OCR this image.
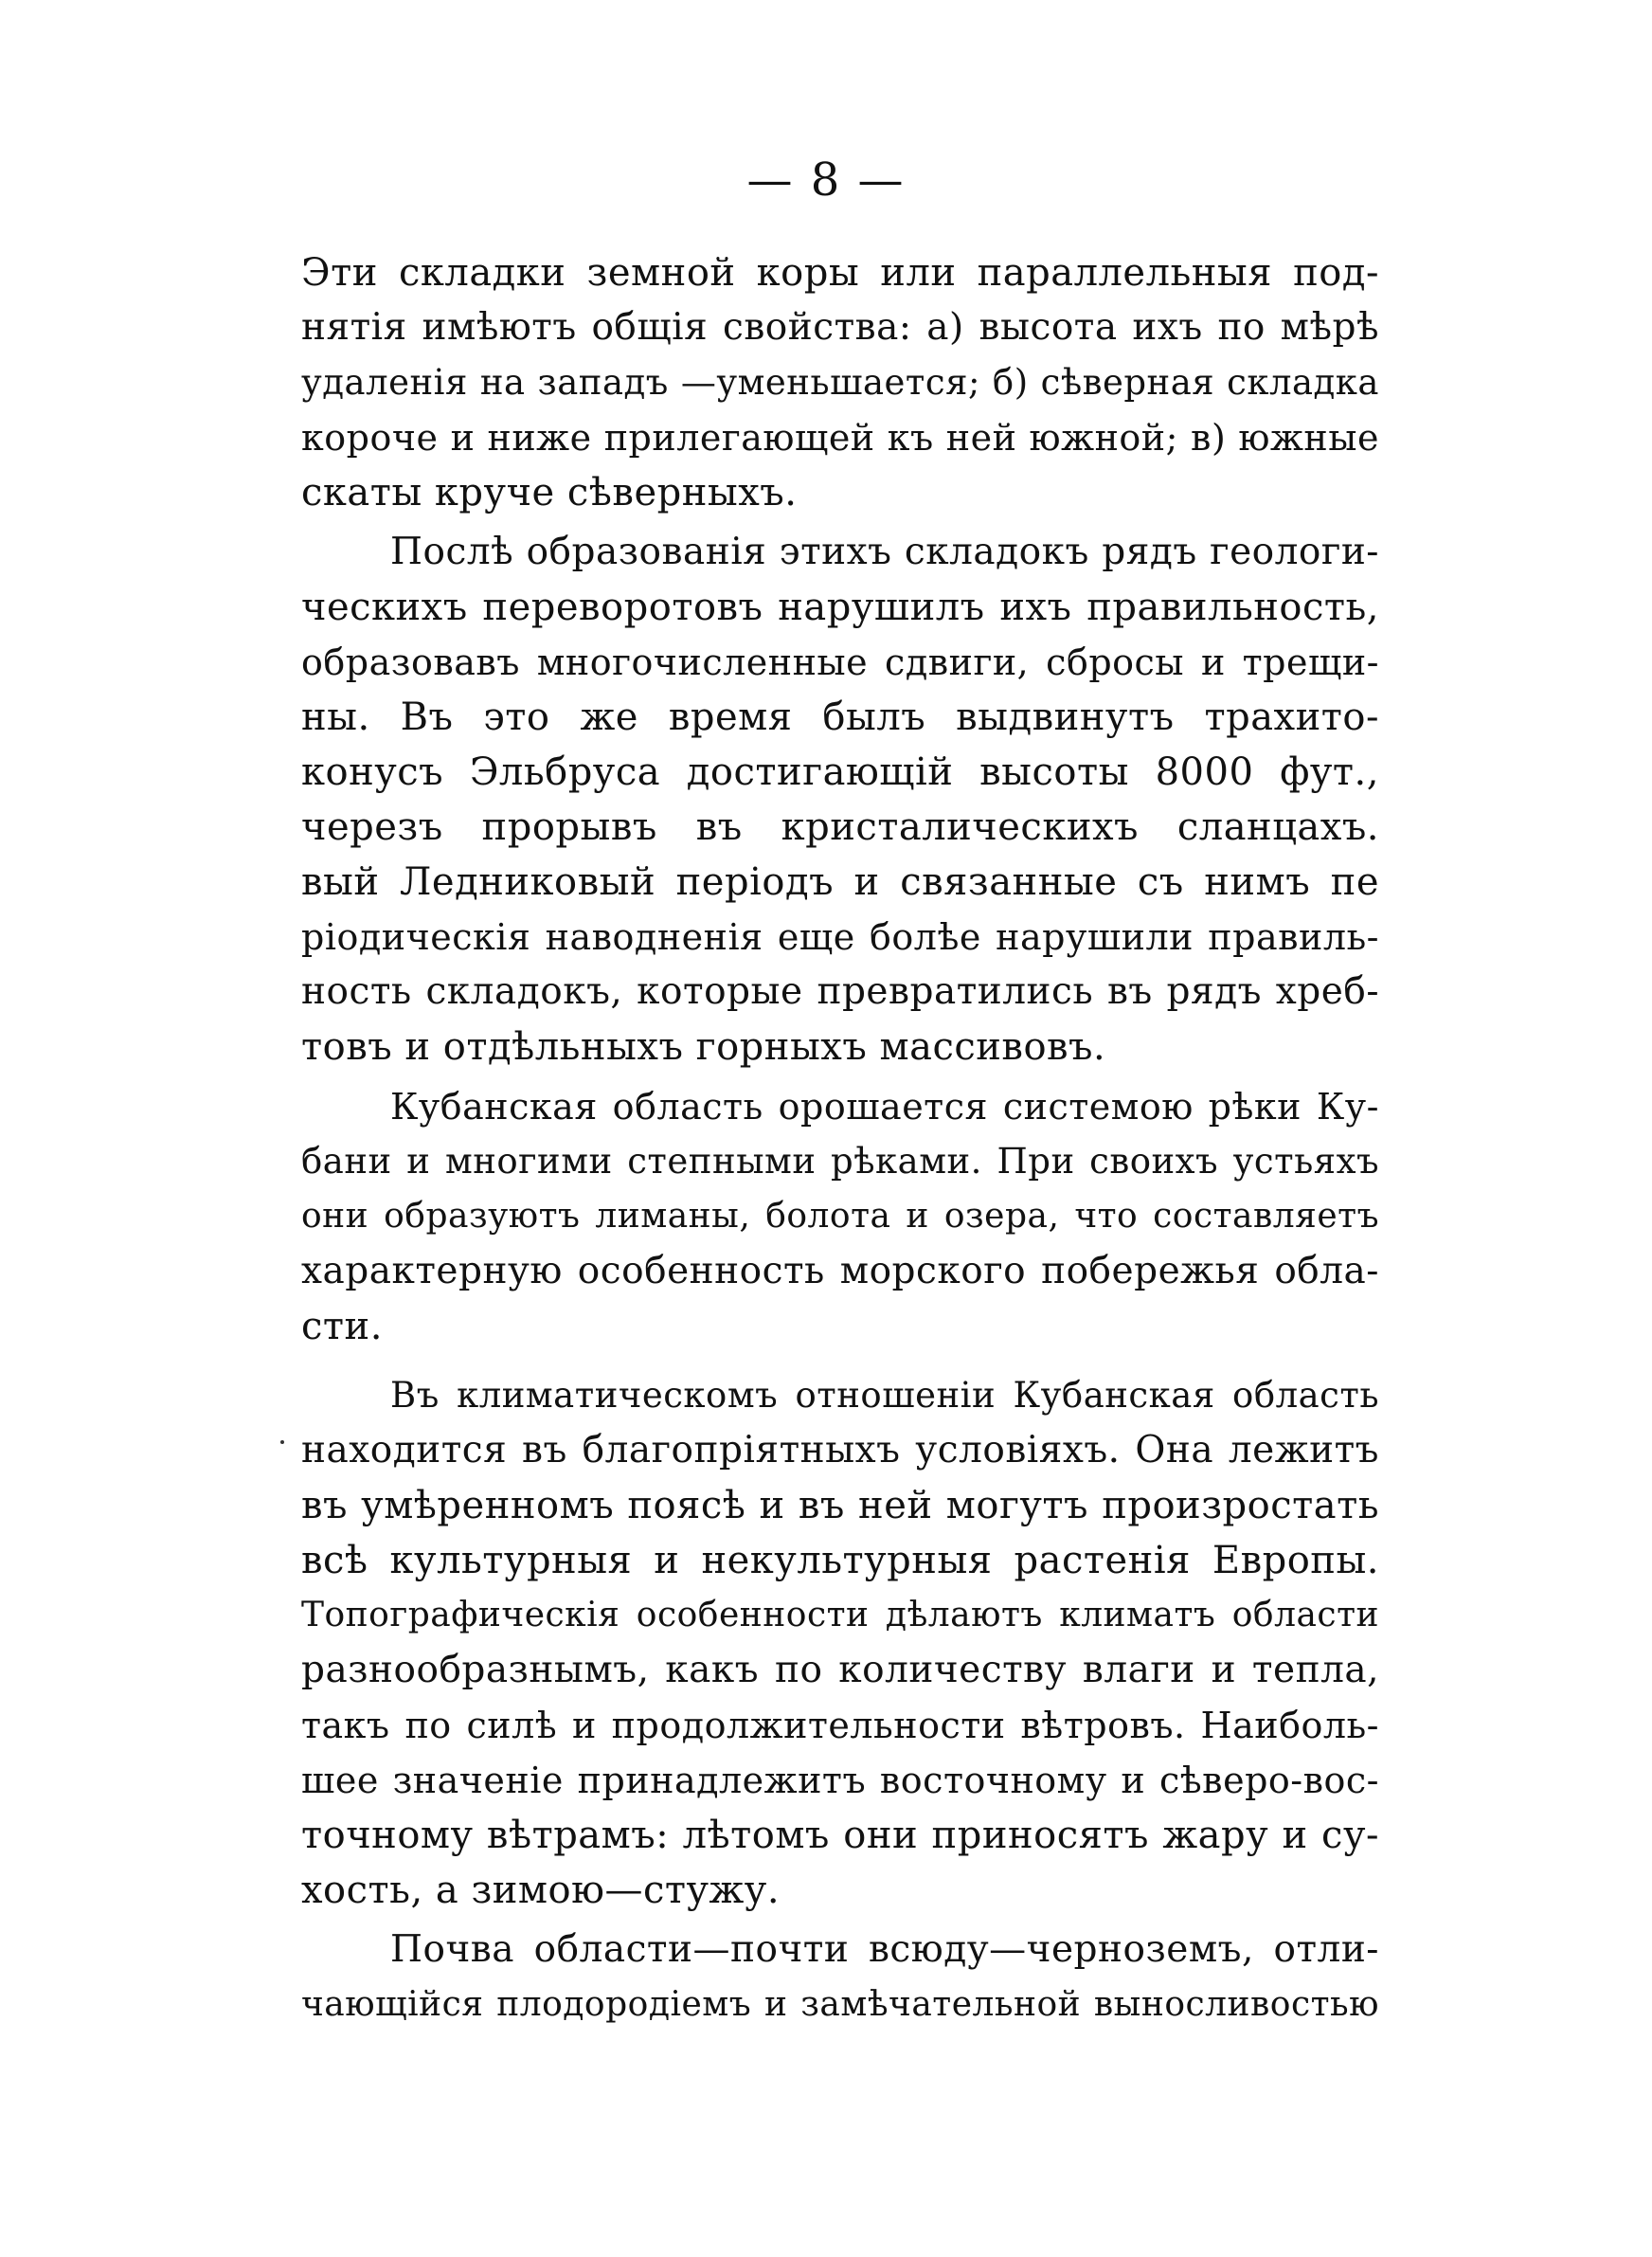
— 8 —
Эти складки земной коры или параллельныя под-
нятія имѣютъ общія свойства: а) высота ихъ по мѣрѣ
удаленія на западъ —уменьшается; б) сѣверная складка
короче и ниже прилегающей къ ней южной; в) южные
скаты круче сѣверныхъ.
Послѣ образованія этихъ складокъ рядъ геологи-
ческихъ переворотовъ нарушилъ ихъ правильность,
образовавъ многочисленные сдвиги, сбросы и трещи-
ны. Въ это же время былъ выдвинутъ трахито-
конусъ Эльбруса достигающій высоты 8000 фут.,
черезъ прорывъ въ кристалическихъ сланцахъ.
вый Ледниковый періодъ и связанные съ нимъ пе
ріодическія наводненія еще болѣе нарушили правиль-
ность складокъ, которые превратились въ рядъ хреб-
товъ и отдѣльныхъ горныхъ массивовъ.
Кубанская область орошается системою рѣки Ку-
бани и многими степными рѣками. При своихъ устьяхъ
они образуютъ лиманы, болота и озера, что составляетъ
характерную особенность морского побережья обла-
сти.
Въ климатическомъ отношеніи Кубанская область
находится въ благопріятныхъ условіяхъ. Она лежитъ
въ умѣренномъ поясѣ и въ ней могутъ произростать
всѣ культурныя и некультурныя растенія Европы.
Топографическія особенности дѣлаютъ климатъ области
разнообразнымъ, какъ по количеству влаги и тепла,
такъ по силѣ и продолжительности вѣтровъ. Наиболь-
шее значеніе принадлежитъ восточному и сѣверо-вос-
точному вѣтрамъ: лѣтомъ они приносятъ жару и су-
хость, а зимою—стужу.
Почва области—почти всюду—черноземъ, отли-
чающійся плодородіемъ и замѣчательной выносливостью
